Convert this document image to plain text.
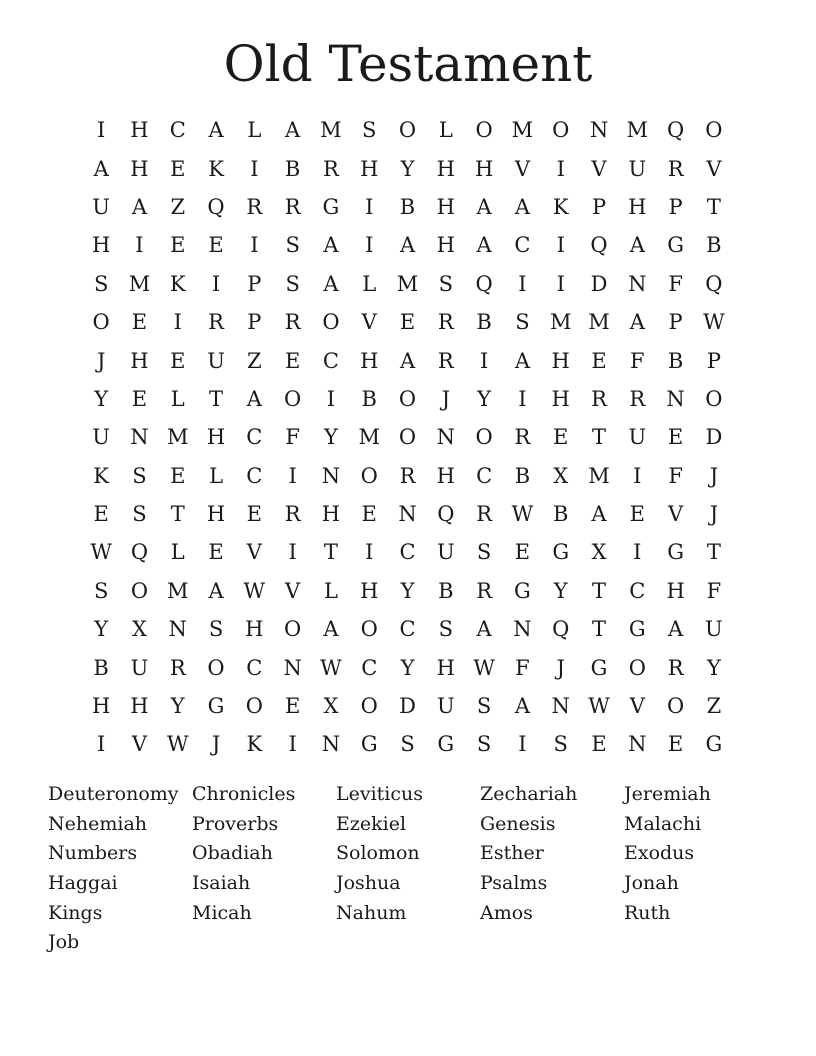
Old Testament
I	H	C	A	L	A M S	O	L	O M O N M Q	O
A	H	E	K	I	B	R	H	Y	H H	V	I	V	U	R	V
U	A	Z	Q	R	R	G	I	B	H	A	A	K	P	H	P	T
H	I	E	E	I	S	A	I	A	H	A	C	I	Q	A	G	B
S M K	I	P	S	A	L M S	Q	I	I	D N	F	Q
O	E	I	R	P	R	O	V	E	R	B	S M M A	P W
J	H	E	U	Z	E	C	H	A	R	I	A	H	E	F	B	P
Y	E	L	T	A	O	I	B	O	J	Y	I	H	R	R	N O
U N M H	C	F	Y M O N O	R	E	T	U	E	D
K	S	E	L	C	I	N O	R	H	C	B	X M	I	F	J
E	S	T	H	E	R	H	E	N Q	R W B	A	E	V	J
W Q	L	E	V	I	T	I	C	U	S	E	G	X	I	G	T
S	O M A W V	L	H	Y	B	R	G	Y	T	C	H	F
Y	X	N	S	H O	A	O	C	S	A	N Q	T	G	A	U
B	U	R	O	C	N W C	Y	H W F	J	G	O	R	Y
H H	Y	G	O	E	X	O	D	U	S	A	N W V	O	Z
I	V W	J	K	I	N G	S	G	S	I	S	E	N	E	G
Deuteronomy Chronicles	Leviticus	Zechariah	Jeremiah
Nehemiah	Proverbs	Ezekiel	Genesis	Malachi
Numbers	Obadiah	Solomon	Esther	Exodus
Haggai	Isaiah	Joshua	Psalms	Jonah
Kings	Micah	Nahum	Amos	Ruth
Job
